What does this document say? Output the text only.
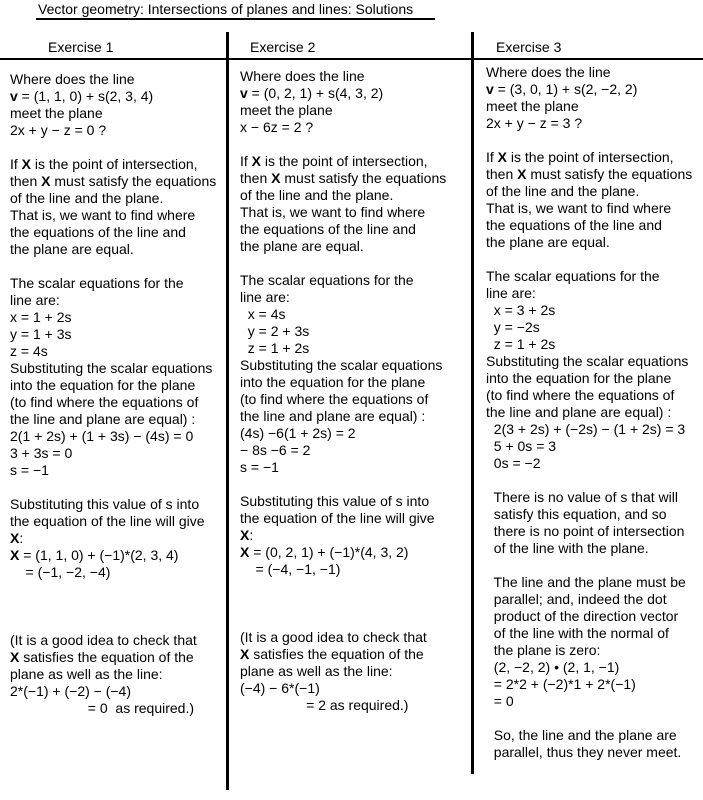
Vector geometry: Intersections of planes and lines: Solutions
Exercise 1	Exercise 2	Exercise 3
Where does the line
v = (1, 1, 0) + s(2, 3, 4)
meet the plane
2x + y − z = 0 ?
If X is the point of intersection,
then X must satisfy the equations
of the line and the plane.
That is, we want to find where
the equations of the line and
the plane are equal.
The scalar equations for the
line are:
x = 1 + 2s
y = 1 + 3s
z = 4s
Substituting the scalar equations
into the equation for the plane
(to find where the equations of
the line and plane are equal) :
2(1 + 2s) + (1 + 3s) − (4s) = 0
3 + 3s = 0
s = −1
Substituting this value of s into
the equation of the line will give
X:
X = (1, 1, 0) + (−1)*(2, 3, 4)
= (−1, −2, −4)
(It is a good idea to check that
X satisfies the equation of the
plane as well as the line:
2*(−1) + (−2) − (−4)
= 0  as required.)
Where does the line
v = (0, 2, 1) + s(4, 3, 2)
meet the plane
x − 6z = 2 ?
If X is the point of intersection,
then X must satisfy the equations
of the line and the plane.
That is, we want to find where
the equations of the line and
the plane are equal.
The scalar equations for the
line are:
x = 4s
y = 2 + 3s
z = 1 + 2s
Substituting the scalar equations
into the equation for the plane
(to find where the equations of
the line and plane are equal) :
(4s) −6(1 + 2s) = 2
− 8s −6 = 2
s = −1
Substituting this value of s into
the equation of the line will give
X:
X = (0, 2, 1) + (−1)*(4, 3, 2)
= (−4, −1, −1)
(It is a good idea to check that
X satisfies the equation of the
plane as well as the line:
(−4) − 6*(−1)
= 2 as required.)
Where does the line
v = (3, 0, 1) + s(2, −2, 2)
meet the plane
2x + y − z = 3 ?
If X is the point of intersection,
then X must satisfy the equations
of the line and the plane.
That is, we want to find where
the equations of the line and
the plane are equal.
The scalar equations for the
line are:
x = 3 + 2s
y = −2s
z = 1 + 2s
Substituting the scalar equations
into the equation for the plane
(to find where the equations of
the line and plane are equal) :
2(3 + 2s) + (−2s) − (1 + 2s) = 3
5 + 0s = 3
0s = −2
There is no value of s that will
satisfy this equation, and so
there is no point of intersection
of the line with the plane.
The line and the plane must be
parallel; and, indeed the dot
product of the direction vector
of the line with the normal of
the plane is zero:
(2, −2, 2) • (2, 1, −1)
= 2*2 + (−2)*1 + 2*(−1)
= 0
So, the line and the plane are
parallel, thus they never meet.
